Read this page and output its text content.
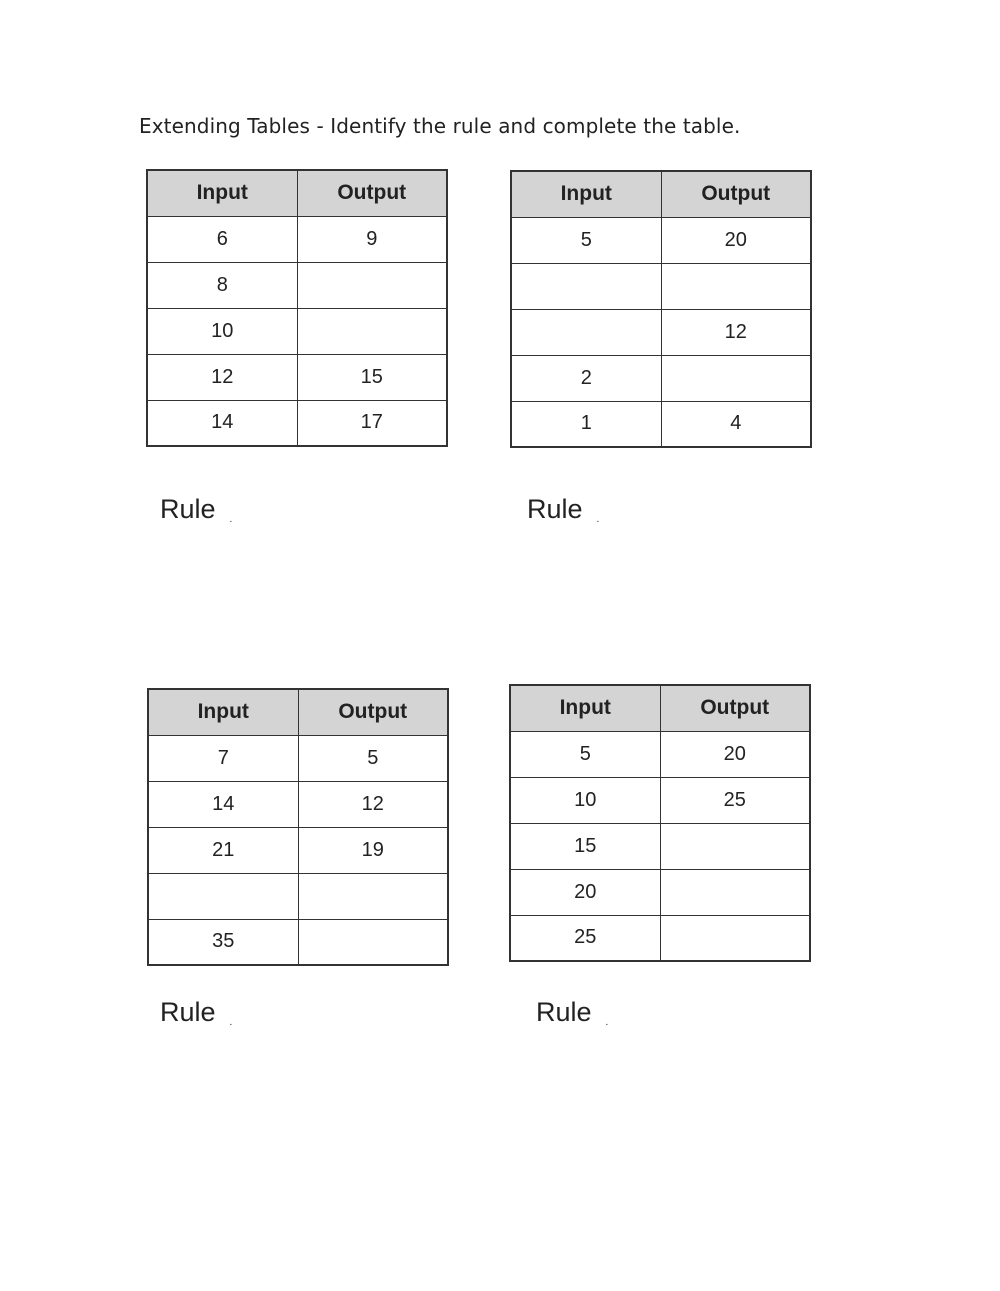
Extending Tables - Identify the rule and complete the table.
Input	Output
6	9
8	
10	
12	15
14	17
Input	Output
5	20

	12
2	
1	4
Rule .	Rule .
Input	Output
7	5
14	12
21	19

35	
Input	Output
5	20
10	25
15	
20	
25	
Rule .	Rule .
